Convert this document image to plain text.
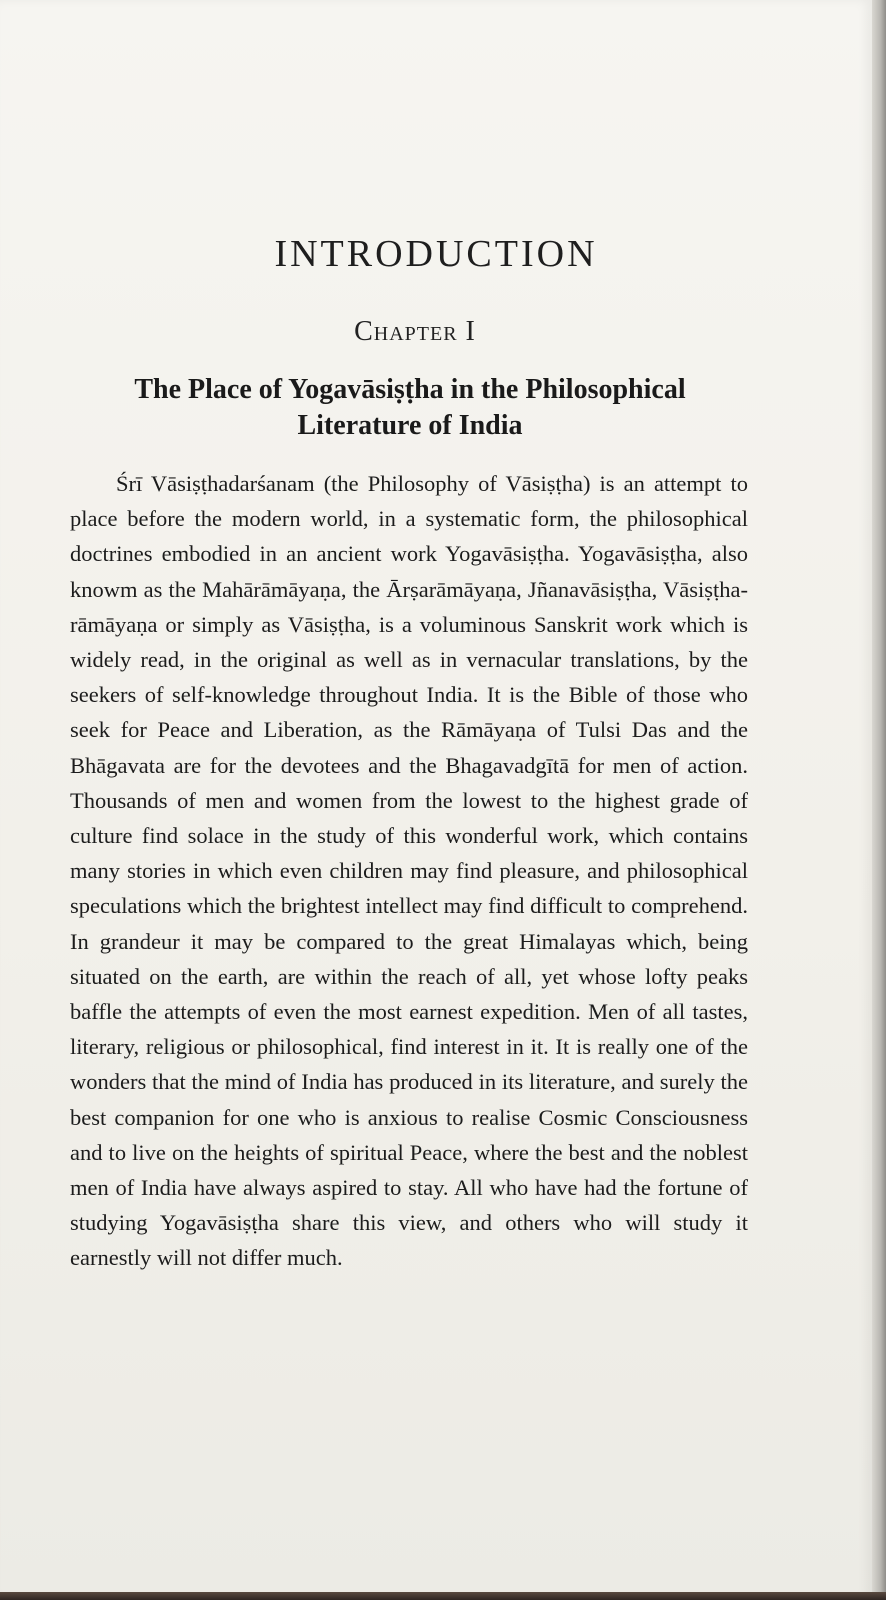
INTRODUCTION
Chapter I
The Place of Yogavāsiṣṭha in the Philosophical Literature of India

Śrī Vāsiṣṭhadarśanam (the Philosophy of Vāsiṣṭha) is an attempt to place before the modern world, in a systematic form, the philosophical doctrines embodied in an ancient work Yogavāsiṣṭha. Yogavāsiṣṭha, also knowm as the Mahārāmāyaṇa, the Ārṣarāmāyaṇa, Jñanavāsiṣṭha, Vāsiṣṭha-rāmāyaṇa or simply as Vāsiṣṭha, is a voluminous Sanskrit work which is widely read, in the original as well as in vernacular translations, by the seekers of self-knowledge throughout India. It is the Bible of those who seek for Peace and Liberation, as the Rāmāyaṇa of Tulsi Das and the Bhāgavata are for the devotees and the Bhagavadgītā for men of action. Thousands of men and women from the lowest to the highest grade of culture find solace in the study of this wonderful work, which contains many stories in which even children may find pleasure, and philosophical speculations which the brightest intellect may find difficult to comprehend. In grandeur it may be compared to the great Himalayas which, being situated on the earth, are within the reach of all, yet whose lofty peaks baffle the attempts of even the most earnest expedition. Men of all tastes, literary, religious or philosophical, find interest in it. It is really one of the wonders that the mind of India has produced in its literature, and surely the best companion for one who is anxious to realise Cosmic Consciousness and to live on the heights of spiritual Peace, where the best and the noblest men of India have always aspired to stay. All who have had the fortune of studying Yogavāsiṣṭha share this view, and others who will study it earnestly will not differ much.
